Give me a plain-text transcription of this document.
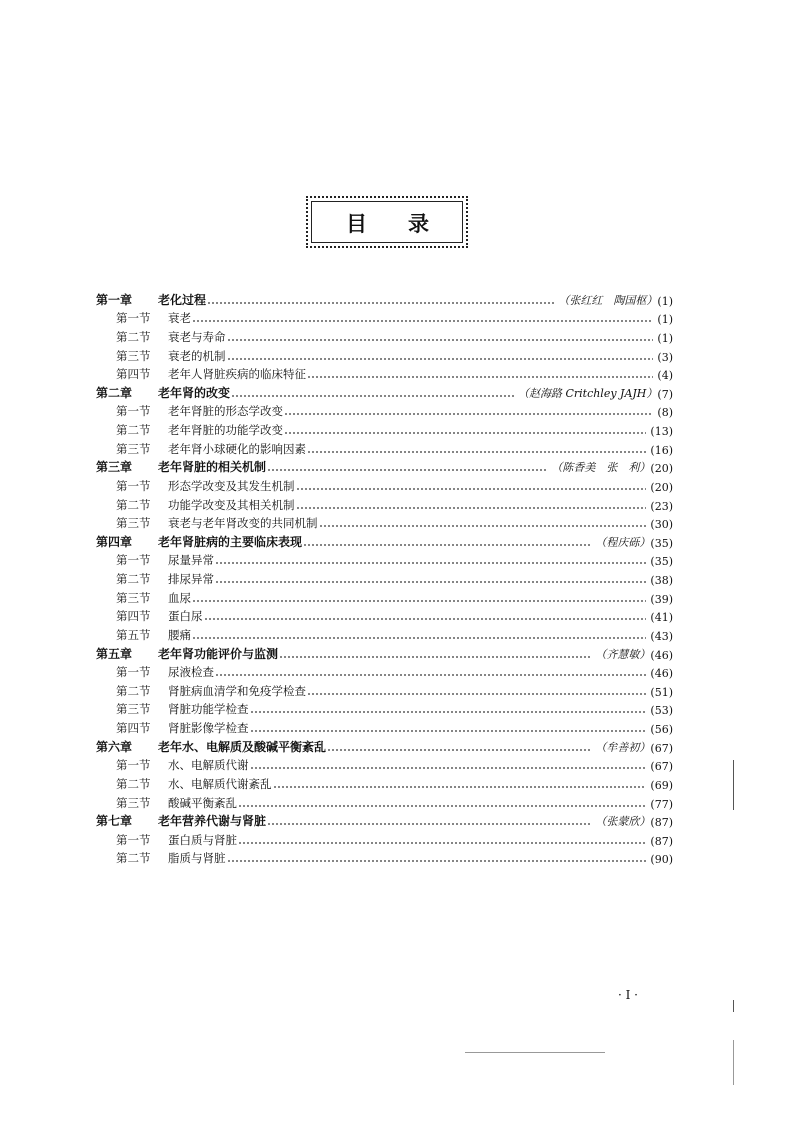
目 录
第一章	老化过程	（张红红　陶国枢） (1)
第一节	衰老	(1)
第二节	衰老与寿命	(1)
第三节	衰老的机制	(3)
第四节	老年人肾脏疾病的临床特征	(4)
第二章	老年肾的改变	（赵海路 Critchley JAJH） (7)
第一节	老年肾脏的形态学改变	(8)
第二节	老年肾脏的功能学改变	(13)
第三节	老年肾小球硬化的影响因素	(16)
第三章	老年肾脏的相关机制	（陈香美　张　利） (20)
第一节	形态学改变及其发生机制	(20)
第二节	功能学改变及其相关机制	(23)
第三节	衰老与老年肾改变的共同机制	(30)
第四章	老年肾脏病的主要临床表现	（程庆砾） (35)
第一节	尿量异常	(35)
第二节	排尿异常	(38)
第三节	血尿	(39)
第四节	蛋白尿	(41)
第五节	腰痛	(43)
第五章	老年肾功能评价与监测	（齐慧敏） (46)
第一节	尿液检查	(46)
第二节	肾脏病血清学和免疫学检查	(51)
第三节	肾脏功能学检查	(53)
第四节	肾脏影像学检查	(56)
第六章	老年水、电解质及酸碱平衡紊乱	（牟善初） (67)
第一节	水、电解质代谢	(67)
第二节	水、电解质代谢紊乱	(69)
第三节	酸碱平衡紊乱	(77)
第七章	老年营养代谢与肾脏	（张蒙欣） (87)
第一节	蛋白质与肾脏	(87)
第二节	脂质与肾脏	(90)
· I ·
